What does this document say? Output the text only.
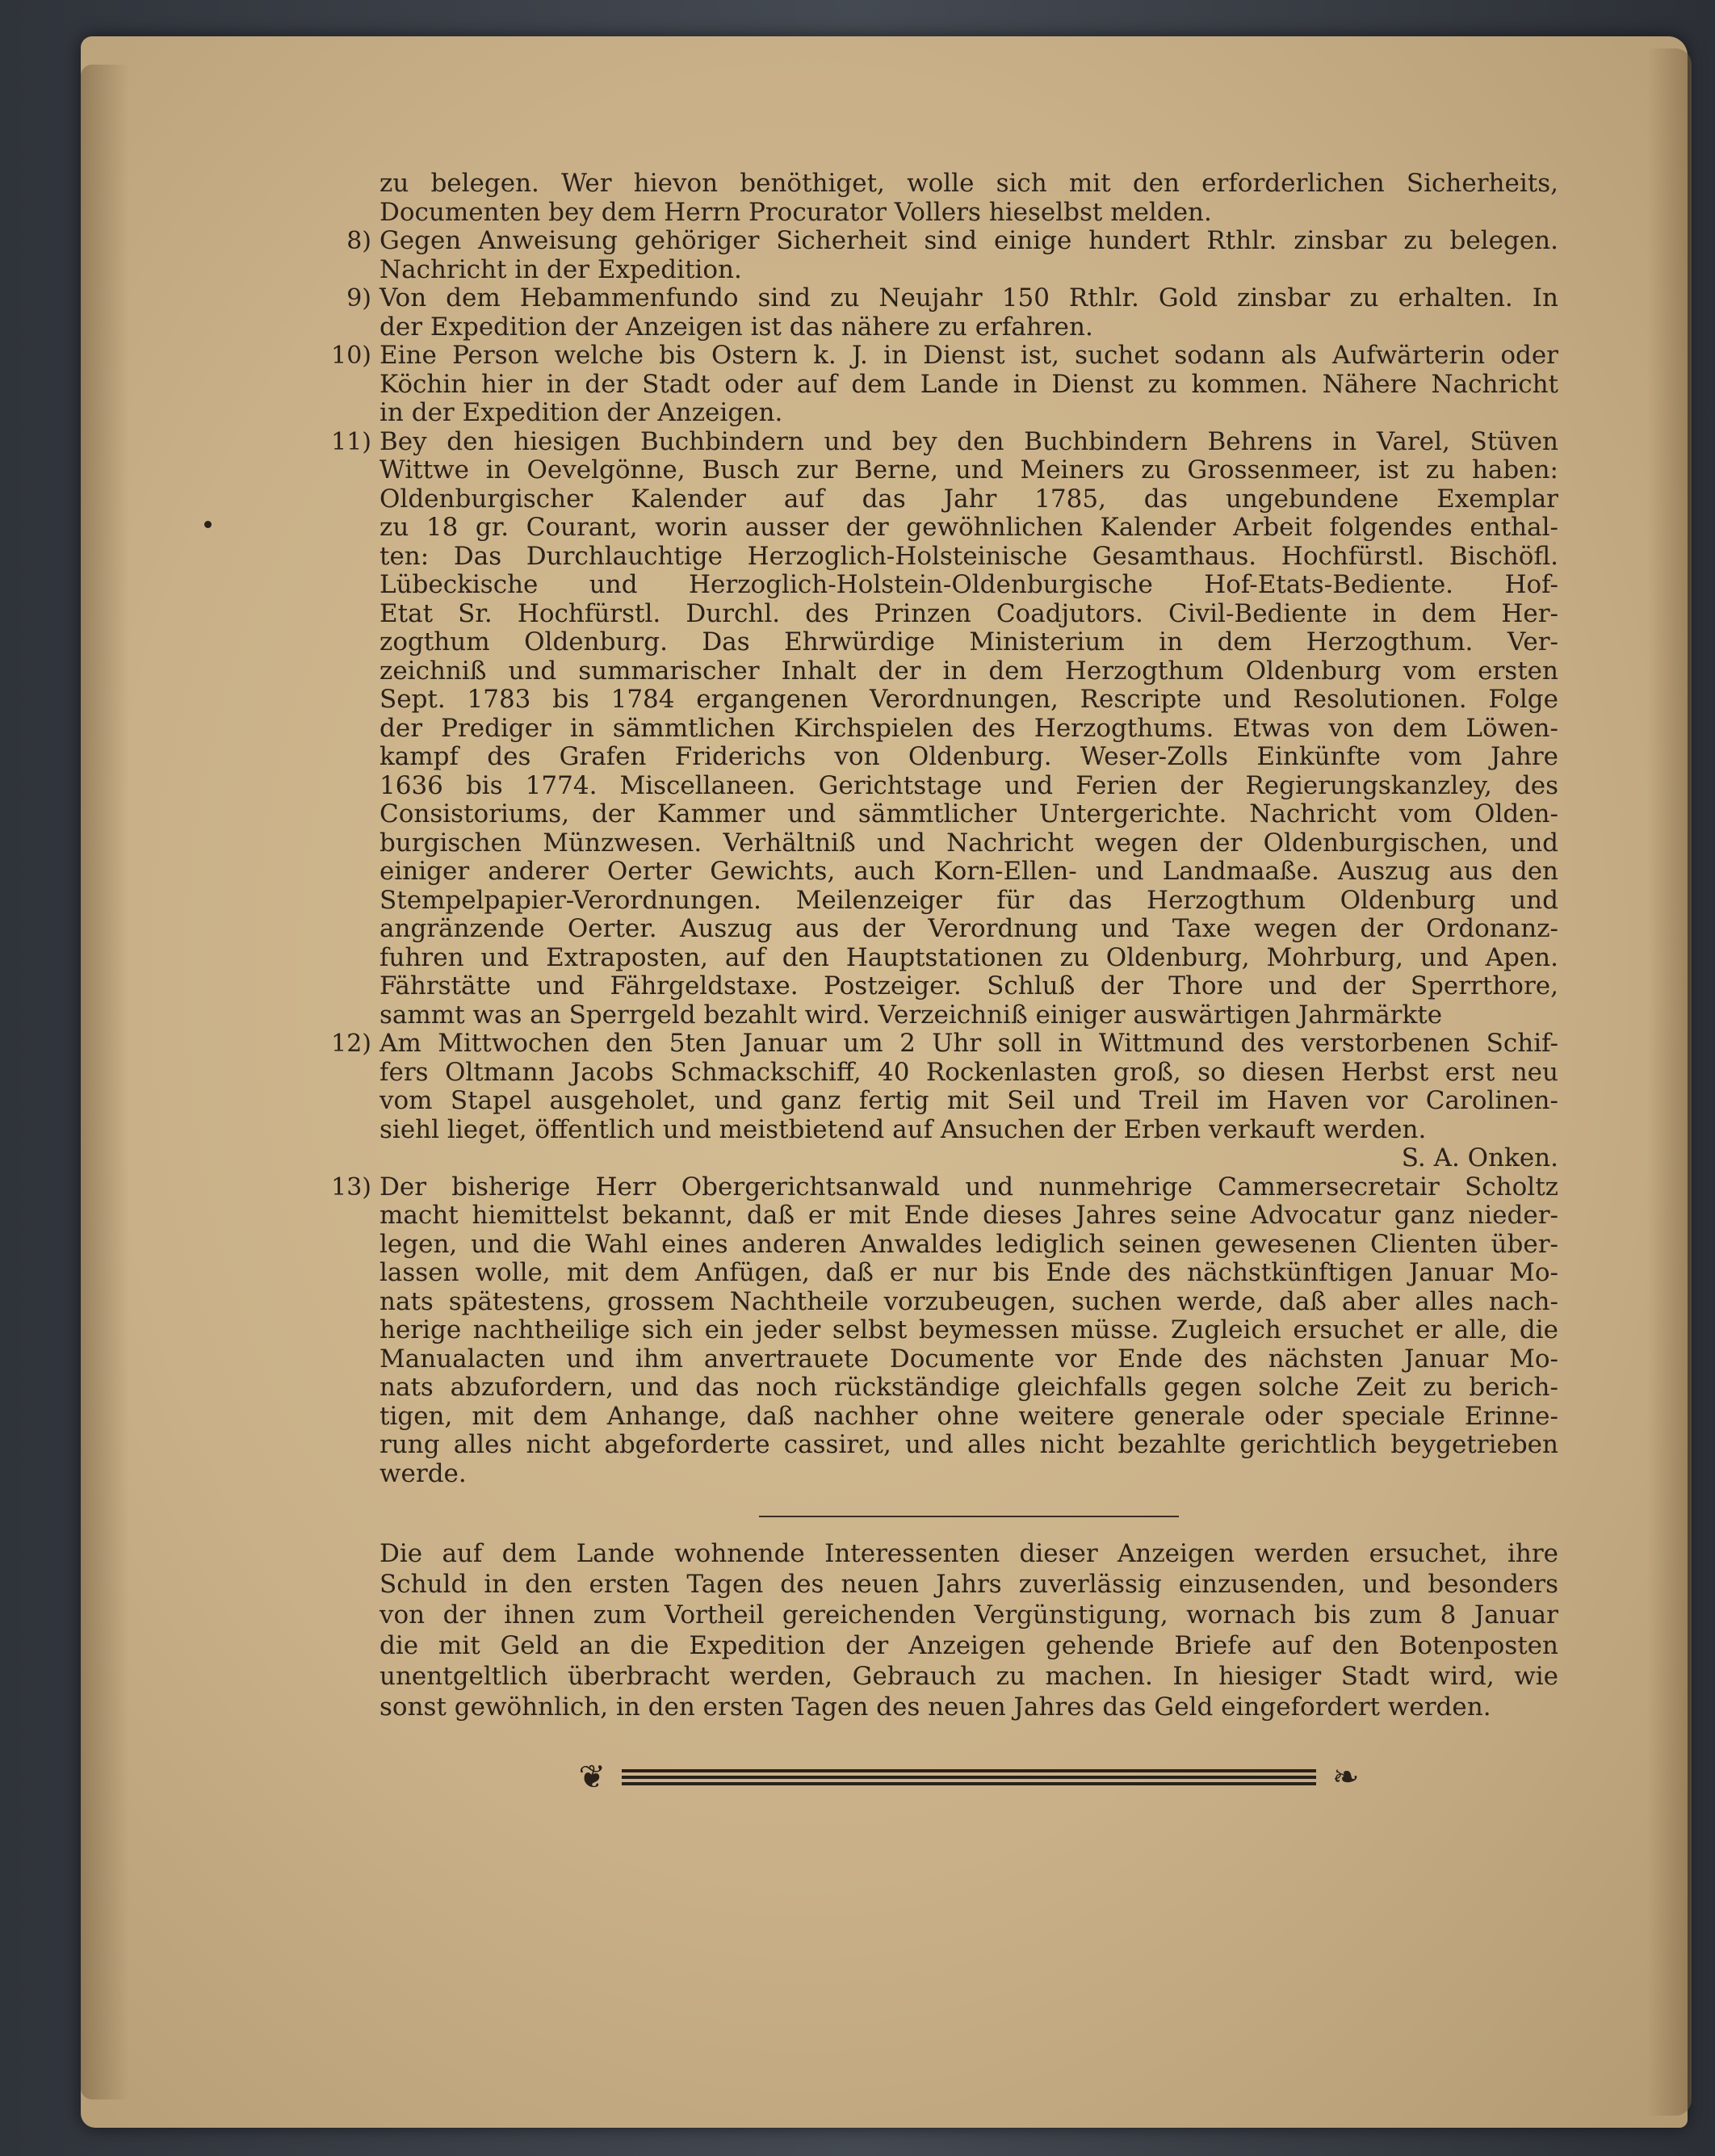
zu belegen. Wer hievon benöthiget, wolle sich mit den erforderlichen Sicherheits,
Documenten bey dem Herrn Procurator Vollers hieselbst melden.
8) Gegen Anweisung gehöriger Sicherheit sind einige hundert Rthlr. zinsbar zu belegen.
Nachricht in der Expedition.
9) Von dem Hebammenfundo sind zu Neujahr 150 Rthlr. Gold zinsbar zu erhalten. In
der Expedition der Anzeigen ist das nähere zu erfahren.
10) Eine Person welche bis Ostern k. J. in Dienst ist, suchet sodann als Aufwärterin oder
Köchin hier in der Stadt oder auf dem Lande in Dienst zu kommen. Nähere Nachricht
in der Expedition der Anzeigen.
11) Bey den hiesigen Buchbindern und bey den Buchbindern Behrens in Varel, Stüven
Wittwe in Oevelgönne, Busch zur Berne, und Meiners zu Grossenmeer, ist zu haben:
Oldenburgischer Kalender auf das Jahr 1785, das ungebundene Exemplar
zu 18 gr. Courant, worin ausser der gewöhnlichen Kalender Arbeit folgendes enthal-
ten: Das Durchlauchtige Herzoglich-Holsteinische Gesamthaus. Hochfürstl. Bischöfl.
Lübeckische und Herzoglich-Holstein-Oldenburgische Hof-Etats-Bediente. Hof-
Etat Sr. Hochfürstl. Durchl. des Prinzen Coadjutors. Civil-Bediente in dem Her-
zogthum Oldenburg. Das Ehrwürdige Ministerium in dem Herzogthum. Ver-
zeichniß und summarischer Inhalt der in dem Herzogthum Oldenburg vom ersten
Sept. 1783 bis 1784 ergangenen Verordnungen, Rescripte und Resolutionen. Folge
der Prediger in sämmtlichen Kirchspielen des Herzogthums. Etwas von dem Löwen-
kampf des Grafen Friderichs von Oldenburg. Weser-Zolls Einkünfte vom Jahre
1636 bis 1774. Miscellaneen. Gerichtstage und Ferien der Regierungskanzley, des
Consistoriums, der Kammer und sämmtlicher Untergerichte. Nachricht vom Olden-
burgischen Münzwesen. Verhältniß und Nachricht wegen der Oldenburgischen, und
einiger anderer Oerter Gewichts, auch Korn-Ellen- und Landmaaße. Auszug aus den
Stempelpapier-Verordnungen. Meilenzeiger für das Herzogthum Oldenburg und
angränzende Oerter. Auszug aus der Verordnung und Taxe wegen der Ordonanz-
fuhren und Extraposten, auf den Hauptstationen zu Oldenburg, Mohrburg, und Apen.
Fährstätte und Fährgeldstaxe. Postzeiger. Schluß der Thore und der Sperrthore,
sammt was an Sperrgeld bezahlt wird. Verzeichniß einiger auswärtigen Jahrmärkte
12) Am Mittwochen den 5ten Januar um 2 Uhr soll in Wittmund des verstorbenen Schif-
fers Oltmann Jacobs Schmackschiff, 40 Rockenlasten groß, so diesen Herbst erst neu
vom Stapel ausgeholet, und ganz fertig mit Seil und Treil im Haven vor Carolinen-
siehl lieget, öffentlich und meistbietend auf Ansuchen der Erben verkauft werden.
S. A. Onken.
13) Der bisherige Herr Obergerichtsanwald und nunmehrige Cammersecretair Scholtz
macht hiemittelst bekannt, daß er mit Ende dieses Jahres seine Advocatur ganz nieder-
legen, und die Wahl eines anderen Anwaldes lediglich seinen gewesenen Clienten über-
lassen wolle, mit dem Anfügen, daß er nur bis Ende des nächstkünftigen Januar Mo-
nats spätestens, grossem Nachtheile vorzubeugen, suchen werde, daß aber alles nach-
herige nachtheilige sich ein jeder selbst beymessen müsse. Zugleich ersuchet er alle, die
Manualacten und ihm anvertrauete Documente vor Ende des nächsten Januar Mo-
nats abzufordern, und das noch rückständige gleichfalls gegen solche Zeit zu berich-
tigen, mit dem Anhange, daß nachher ohne weitere generale oder speciale Erinne-
rung alles nicht abgeforderte cassiret, und alles nicht bezahlte gerichtlich beygetrieben
werde.
Die auf dem Lande wohnende Interessenten dieser Anzeigen werden ersuchet, ihre
Schuld in den ersten Tagen des neuen Jahrs zuverlässig einzusenden, und besonders
von der ihnen zum Vortheil gereichenden Vergünstigung, wornach bis zum 8 Januar
die mit Geld an die Expedition der Anzeigen gehende Briefe auf den Botenposten
unentgeltlich überbracht werden, Gebrauch zu machen. In hiesiger Stadt wird, wie
sonst gewöhnlich, in den ersten Tagen des neuen Jahres das Geld eingefordert werden.
❦	❧
